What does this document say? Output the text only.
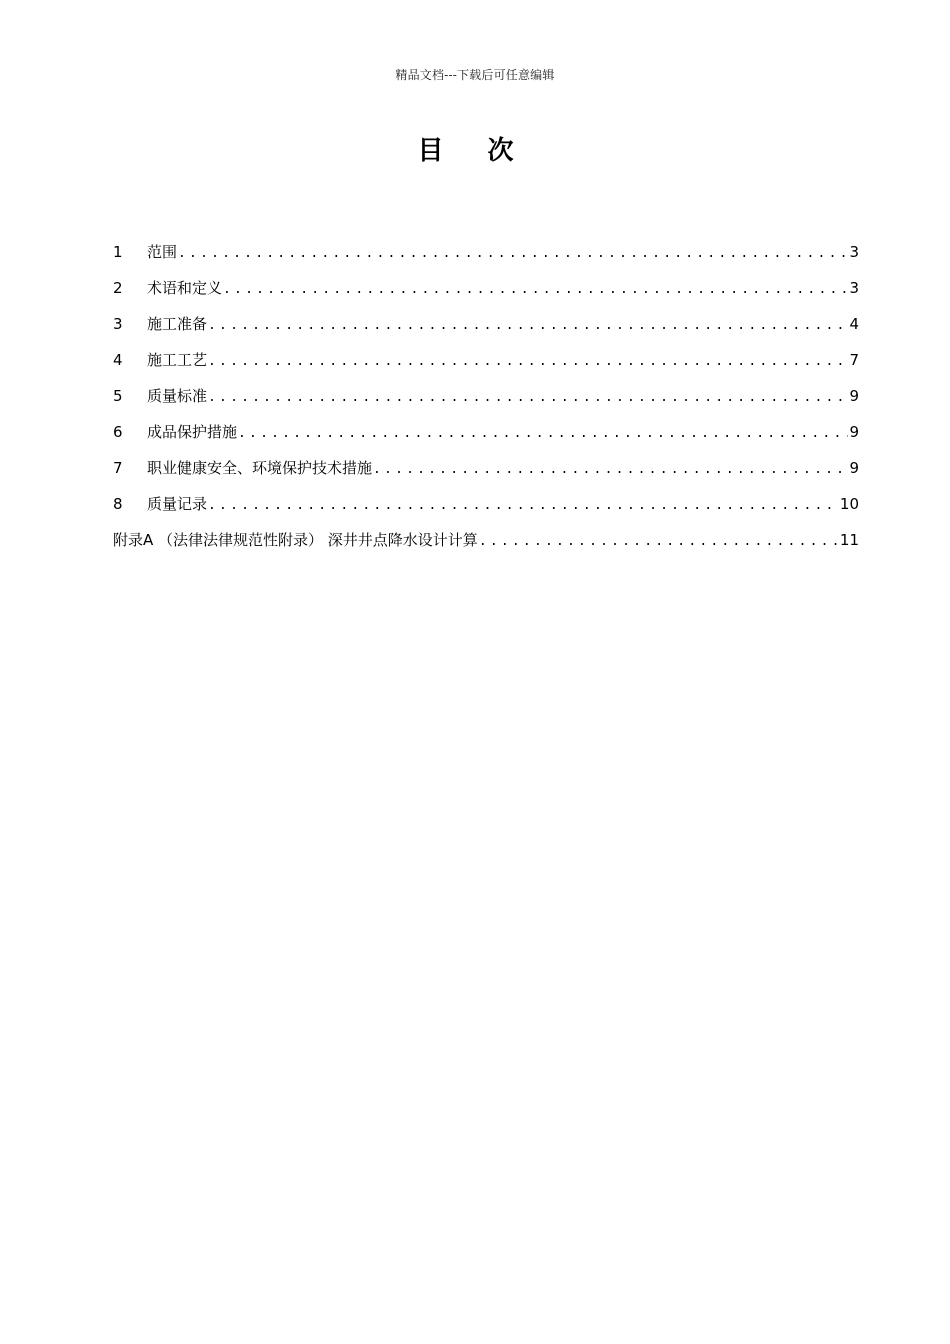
精品文档---下载后可任意编辑
目次
1	范围 .....	3
2	术语和定义 .....	3
3	施工准备 .....	4
4	施工工艺 .....	7
5	质量标准 .....	9
6	成品保护措施 .....	9
7	职业健康安全、环境保护技术措施 .....	9
8	质量记录 .....	10
附录A （法律法律规范性附录） 深井井点降水设计计算 .....	11
